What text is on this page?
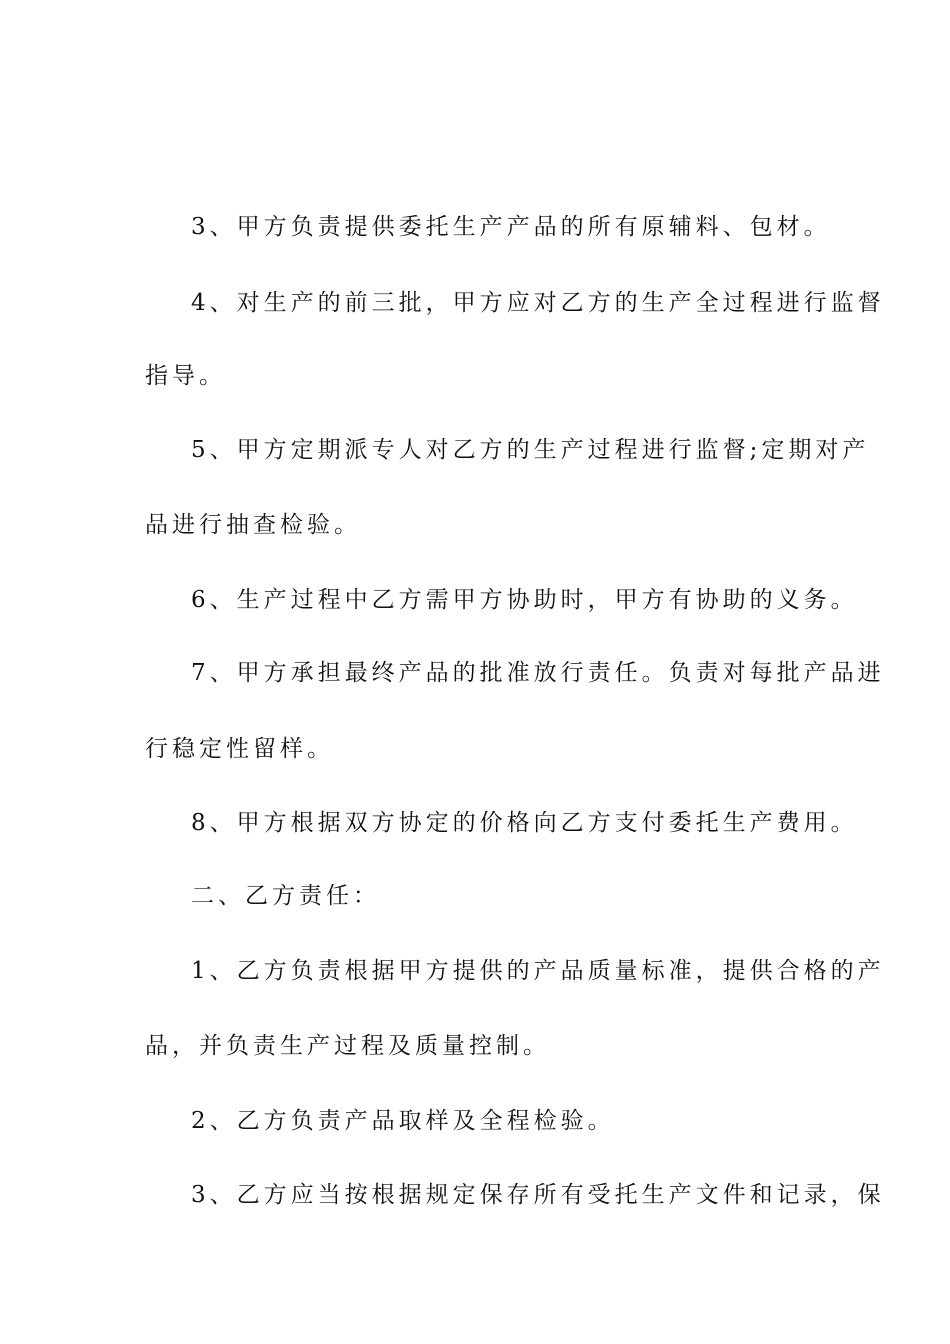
3、甲方负责提供委托生产产品的所有原辅料、包材。

4、对生产的前三批，甲方应对乙方的生产全过程进行监督

指导。

5、甲方定期派专人对乙方的生产过程进行监督;定期对产

品进行抽查检验。

6、生产过程中乙方需甲方协助时，甲方有协助的义务。

7、甲方承担最终产品的批准放行责任。负责对每批产品进

行稳定性留样。

8、甲方根据双方协定的价格向乙方支付委托生产费用。

二、乙方责任：

1、乙方负责根据甲方提供的产品质量标准，提供合格的产

品，并负责生产过程及质量控制。

2、乙方负责产品取样及全程检验。

3、乙方应当按根据规定保存所有受托生产文件和记录，保
